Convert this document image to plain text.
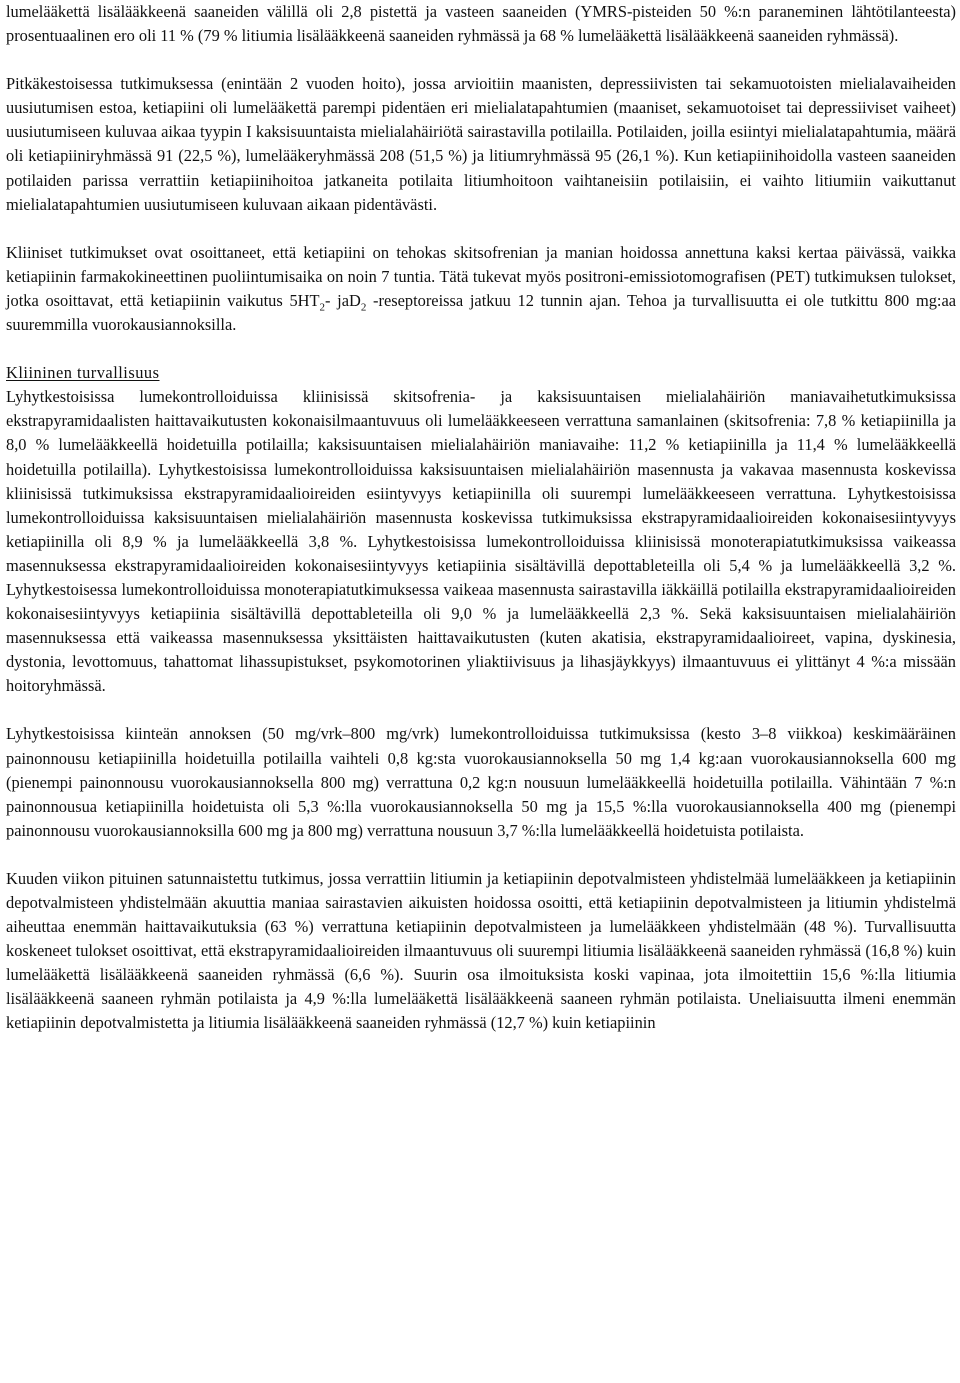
lumelääkettä lisälääkkeenä saaneiden välillä oli 2,8 pistettä ja vasteen saaneiden (YMRS-pisteiden 50 %:n paraneminen lähtötilanteesta) prosentuaalinen ero oli 11 % (79 % litiumia lisälääkkeenä saaneiden ryhmässä ja 68 % lumelääkettä lisälääkkeenä saaneiden ryhmässä).

Pitkäkestoisessa tutkimuksessa (enintään 2 vuoden hoito), jossa arvioitiin maanisten, depressiivisten tai sekamuotoisten mielialavaiheiden uusiutumisen estoa, ketiapiini oli lumelääkettä parempi pidentäen eri mielialatapahtumien (maaniset, sekamuotoiset tai depressiiviset vaiheet) uusiutumiseen kuluvaa aikaa tyypin I kaksisuuntaista mielialahäiriötä sairastavilla potilailla. Potilaiden, joilla esiintyi mielialatapahtumia, määrä oli ketiapiiniryhmässä 91 (22,5 %), lumelääkeryhmässä 208 (51,5 %) ja litiumryhmässä 95 (26,1 %). Kun ketiapiinihoidolla vasteen saaneiden potilaiden parissa verrattiin ketiapiinihoitoa jatkaneita potilaita litiumhoitoon vaihtaneisiin potilaisiin, ei vaihto litiumiin vaikuttanut mielialatapahtumien uusiutumiseen kuluvaan aikaan pidentävästi.

Kliiniset tutkimukset ovat osoittaneet, että ketiapiini on tehokas skitsofrenian ja manian hoidossa annettuna kaksi kertaa päivässä, vaikka ketiapiinin farmakokineettinen puoliintumisaika on noin 7 tuntia. Tätä tukevat myös positroni-emissiotomografisen (PET) tutkimuksen tulokset, jotka osoittavat, että ketiapiinin vaikutus $5HT_2-$ jaD$_2$ -reseptoreissa jatkuu 12 tunnin ajan. Tehoa ja turvallisuutta ei ole tutkittu 800 mg:aa suuremmilla vuorokausiannoksilla.

Kliininen turvallisuus

Lyhytkestoisissa lumekontrolloiduissa kliinisissä skitsofrenia- ja kaksisuuntaisen mielialahäiriön maniavaihetutkimuksissa ekstrapyramidaalisten haittavaikutusten kokonaisilmaantuvuus oli lumelääkkeeseen verrattuna samanlainen (skitsofrenia: 7,8 % ketiapiinilla ja 8,0 % lumelääkkeellä hoidetuilla potilailla; kaksisuuntaisen mielialahäiriön maniavaihe: 11,2 % ketiapiinilla ja 11,4 % lumelääkkeellä hoidetuilla potilailla). Lyhytkestoisissa lumekontrolloiduissa kaksisuuntaisen mielialahäiriön masennusta ja vakavaa masennusta koskevissa kliinisissä tutkimuksissa ekstrapyramidaalioireiden esiintyvyys ketiapiinilla oli suurempi lumelääkkeeseen verrattuna. Lyhytkestoisissa lumekontrolloiduissa kaksisuuntaisen mielialahäiriön masennusta koskevissa tutkimuksissa ekstrapyramidaalioireiden kokonaisesiintyvyys ketiapiinilla oli 8,9 % ja lumelääkkeellä 3,8 %. Lyhytkestoisissa lumekontrolloiduissa kliinisissä monoterapiatutkimuksissa vaikeassa masennuksessa ekstrapyramidaalioireiden kokonaisesiintyvyys ketiapiinia sisältävillä depottableteilla oli 5,4 % ja lumelääkkeellä 3,2 %. Lyhytkestoisessa lumekontrolloiduissa monoterapiatutkimuksessa vaikeaa masennusta sairastavilla iäkkäillä potilailla ekstrapyramidaalioireiden kokonaisesiintyvyys ketiapiinia sisältävillä depottableteilla oli 9,0 % ja lumelääkkeellä 2,3 %. Sekä kaksisuuntaisen mielialahäiriön masennuksessa että vaikeassa masennuksessa yksittäisten haittavaikutusten (kuten akatisia, ekstrapyramidaalioireet, vapina, dyskinesia, dystonia, levottomuus, tahattomat lihassupistukset, psykomotorinen yliaktiivisuus ja lihasjäykkyys) ilmaantuvuus ei ylittänyt 4 %:a missään hoitoryhmässä.

Lyhytkestoisissa kiinteän annoksen (50 mg/vrk–800 mg/vrk) lumekontrolloiduissa tutkimuksissa (kesto 3–8 viikkoa) keskimääräinen painonnousu ketiapiinilla hoidetuilla potilailla vaihteli 0,8 kg:sta vuorokausiannoksella 50 mg 1,4 kg:aan vuorokausiannoksella 600 mg (pienempi painonnousu vuorokausiannoksella 800 mg) verrattuna 0,2 kg:n nousuun lumelääkkeellä hoidetuilla potilailla. Vähintään 7 %:n painonnousua ketiapiinilla hoidetuista oli 5,3 %:lla vuorokausiannoksella 50 mg ja 15,5 %:lla vuorokausiannoksella 400 mg (pienempi painonnousu vuorokausiannoksilla 600 mg ja 800 mg) verrattuna nousuun 3,7 %:lla lumelääkkeellä hoidetuista potilaista.

Kuuden viikon pituinen satunnaistettu tutkimus, jossa verrattiin litiumin ja ketiapiinin depotvalmisteen yhdistelmää lumelääkkeen ja ketiapiinin depotvalmisteen yhdistelmään akuuttia maniaa sairastavien aikuisten hoidossa osoitti, että ketiapiinin depotvalmisteen ja litiumin yhdistelmä aiheuttaa enemmän haittavaikutuksia (63 %) verrattuna ketiapiinin depotvalmisteen ja lumelääkkeen yhdistelmään (48 %). Turvallisuutta koskeneet tulokset osoittivat, että ekstrapyramidaalioireiden ilmaantuvuus oli suurempi litiumia lisälääkkeenä saaneiden ryhmässä (16,8 %) kuin lumelääkettä lisälääkkeenä saaneiden ryhmässä (6,6 %). Suurin osa ilmoituksista koski vapinaa, jota ilmoitettiin 15,6 %:lla litiumia lisälääkkeenä saaneen ryhmän potilaista ja 4,9 %:lla lumelääkettä lisälääkkeenä saaneen ryhmän potilaista. Uneliaisuutta ilmeni enemmän ketiapiinin depotvalmistetta ja litiumia lisälääkkeenä saaneiden ryhmässä (12,7 %) kuin ketiapiinin
